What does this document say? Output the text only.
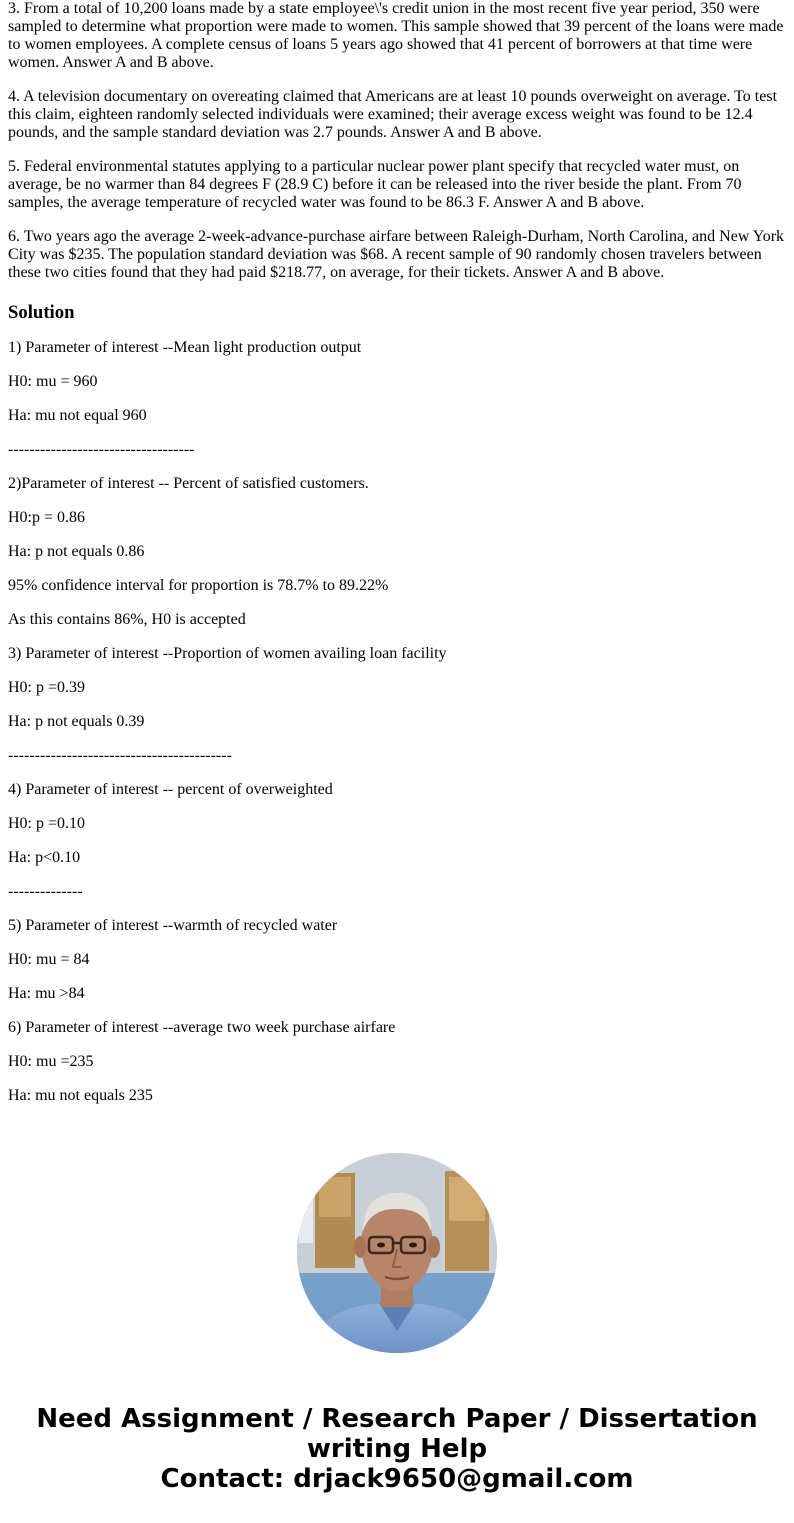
3. From a total of 10,200 loans made by a state employee\'s credit union in the most recent five year period, 350 were sampled to determine what proportion were made to women. This sample showed that 39 percent of the loans were made to women employees. A complete census of loans 5 years ago showed that 41 percent of borrowers at that time were women. Answer A and B above.

4. A television documentary on overeating claimed that Americans are at least 10 pounds overweight on average. To test this claim, eighteen randomly selected individuals were examined; their average excess weight was found to be 12.4 pounds, and the sample standard deviation was 2.7 pounds. Answer A and B above.

5. Federal environmental statutes applying to a particular nuclear power plant specify that recycled water must, on average, be no warmer than 84 degrees F (28.9 C) before it can be released into the river beside the plant. From 70 samples, the average temperature of recycled water was found to be 86.3 F. Answer A and B above.

6. Two years ago the average 2-week-advance-purchase airfare between Raleigh-Durham, North Carolina, and New York City was $235. The population standard deviation was $68. A recent sample of 90 randomly chosen travelers between these two cities found that they had paid $218.77, on average, for their tickets. Answer A and B above.

Solution

1) Parameter of interest --Mean light production output

H0: mu = 960

Ha: mu not equal 960

-----------------------------------

2)Parameter of interest -- Percent of satisfied customers.

H0:p = 0.86

Ha: p not equals 0.86

95% confidence interval for proportion is 78.7% to 89.22%

As this contains 86%, H0 is accepted

3) Parameter of interest --Proportion of women availing loan facility

H0: p =0.39

Ha: p not equals 0.39

------------------------------------------

4) Parameter of interest -- percent of overweighted

H0: p =0.10

Ha: p<0.10

--------------

5) Parameter of interest --warmth of recycled water

H0: mu = 84

Ha: mu >84

6) Parameter of interest --average two week purchase airfare

H0: mu =235

Ha: mu not equals 235

Need Assignment / Research Paper / Dissertation writing Help
Contact: drjack9650@gmail.com
